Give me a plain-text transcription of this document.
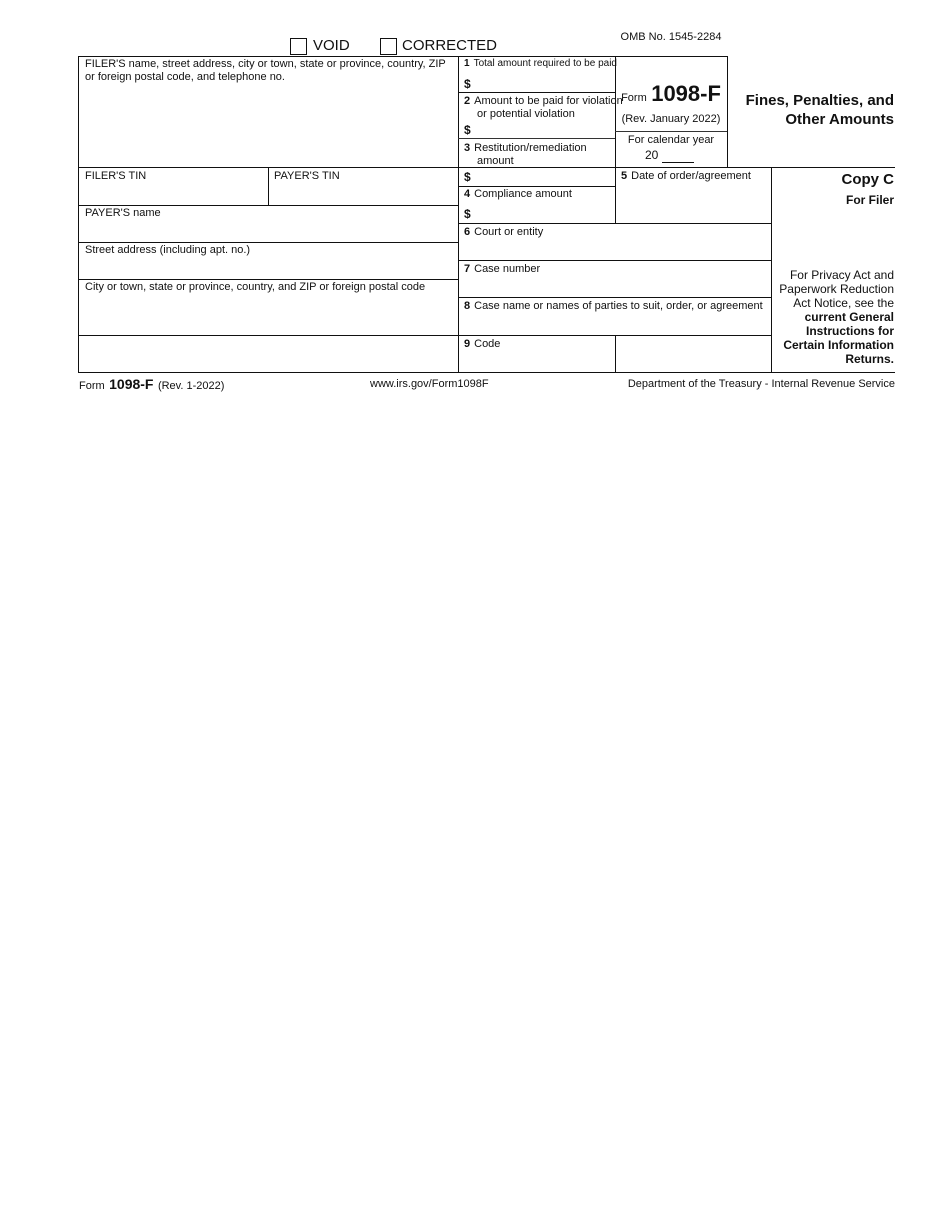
VOID	CORRECTED
FILER'S name, street address, city or town, state or province, country, ZIP or foreign postal code, and telephone no.
FILER'S TIN	PAYER'S TIN
PAYER'S name
Street address (including apt. no.)
City or town, state or province, country, and ZIP or foreign postal code
1 Total amount required to be paid
$
2 Amount to be paid for violation or potential violation
$
3 Restitution/remediation amount
$
4 Compliance amount
$
5 Date of order/agreement
6 Court or entity
7 Case number
8 Case name or names of parties to suit, order, or agreement
9 Code
OMB No. 1545-2284
Form 1098-F
(Rev. January 2022)
For calendar year
20
Fines, Penalties, and
Other Amounts
Copy C
For Filer
For Privacy Act and
Paperwork Reduction
Act Notice, see the
current General
Instructions for
Certain Information
Returns.
Form 1098-F (Rev. 1-2022)	www.irs.gov/Form1098F	Department of the Treasury - Internal Revenue Service
